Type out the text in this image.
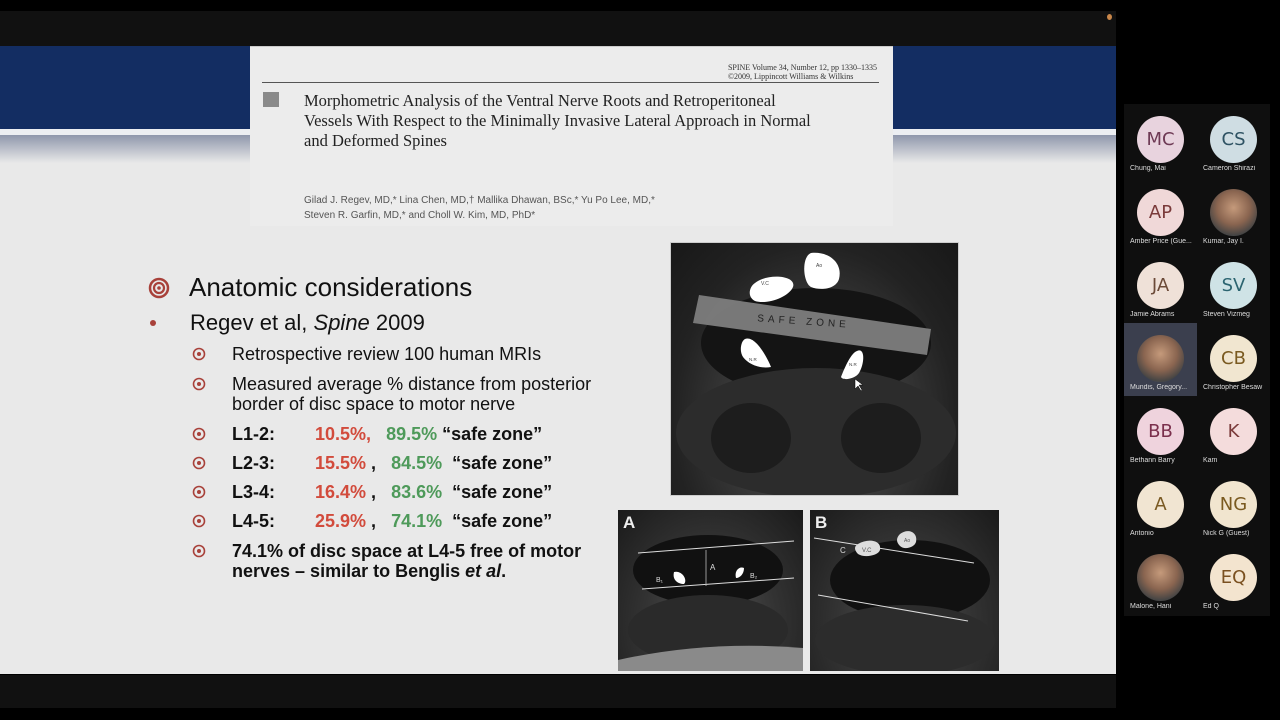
SPINE Volume 34, Number 12, pp 1330–1335
©2009, Lippincott Williams & Wilkins
Morphometric Analysis of the Ventral Nerve Roots and Retroperitoneal Vessels With Respect to the Minimally Invasive Lateral Approach in Normal and Deformed Spines
Gilad J. Regev, MD,* Lina Chen, MD,† Mallika Dhawan, BSc,* Yu Po Lee, MD,*
Steven R. Garfin, MD,* and Choll W. Kim, MD, PhD*
Anatomic considerations
Regev et al, Spine 2009
Retrospective review 100 human MRIs
Measured average % distance from posterior border of disc space to motor nerve
L1-2: 10.5%, 89.5% “safe zone”
L2-3: 15.5% , 84.5% “safe zone”
L3-4: 16.4% , 83.6% “safe zone”
L4-5: 25.9% , 74.1% “safe zone”
74.1% of disc space at L4-5 free of motor nerves – similar to Benglis et al.
Ao
V.C
SAFE ZONE
N.R
N.R
A
B₁
B₂
A
V.C
Ao
C
B
MC
Chung, Mai
CS
Cameron Shirazi
AP
Amber Price (Gue...	Kumar, Jay I.
JA
Jamie Abrams
SV
Steven Vizmeg
Mundis, Gregory...
CB
Christopher Besaw
BB
Bethann Barry
K
Kam
A
Antonio
NG
Nick G (Guest)
Malone, Hani
EQ
Ed Q
